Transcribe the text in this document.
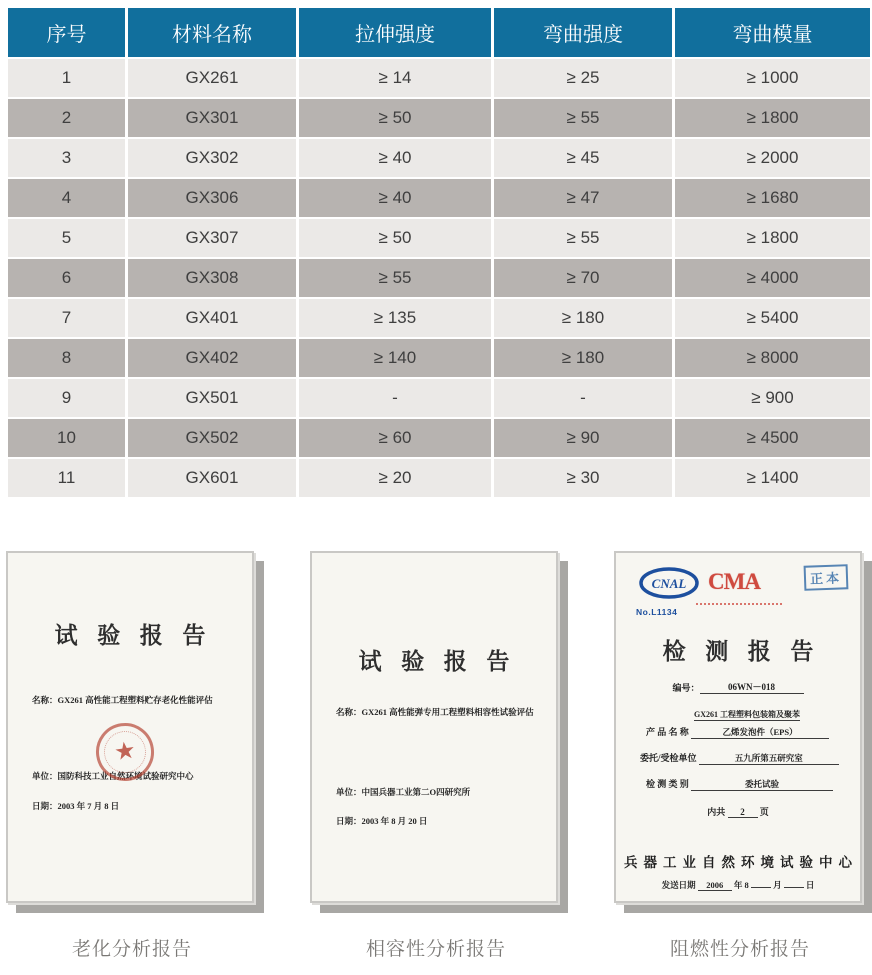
序号	材料名称	拉伸强度	弯曲强度	弯曲模量
1	GX261	≥ 14	≥ 25	≥ 1000
2	GX301	≥ 50	≥ 55	≥ 1800
3	GX302	≥ 40	≥ 45	≥ 2000
4	GX306	≥ 40	≥ 47	≥ 1680
5	GX307	≥ 50	≥ 55	≥ 1800
6	GX308	≥ 55	≥ 70	≥ 4000
7	GX401	≥ 135	≥ 180	≥ 5400
8	GX402	≥ 140	≥ 180	≥ 8000
9	GX501	-	-	≥ 900
10	GX502	≥ 60	≥ 90	≥ 4500
11	GX601	≥ 20	≥ 30	≥ 1400
试验报告
名称：GX261 高性能工程塑料贮存老化性能评估
单位：国防科技工业自然环境试验研究中心
日期：2003 年 7 月 8 日
★
试验报告
名称：GX261 高性能弹专用工程塑料相容性试验评估
单位：中国兵器工业第二O四研究所
日期：2003 年 8 月 20 日
CNAL
No.L1134
CMA	正本
检测报告
编号：	06WN－018
GX261 工程塑料包装箱及聚苯
产 品 名 称	乙烯发泡件（EPS）
委托/受检单位	五九所第五研究室
检 测 类 别	委托试验
内共 2 页
兵器工业自然环境试验中心
发送日期 2006 年 8	月	日
老化分析报告	相容性分析报告	阻燃性分析报告
